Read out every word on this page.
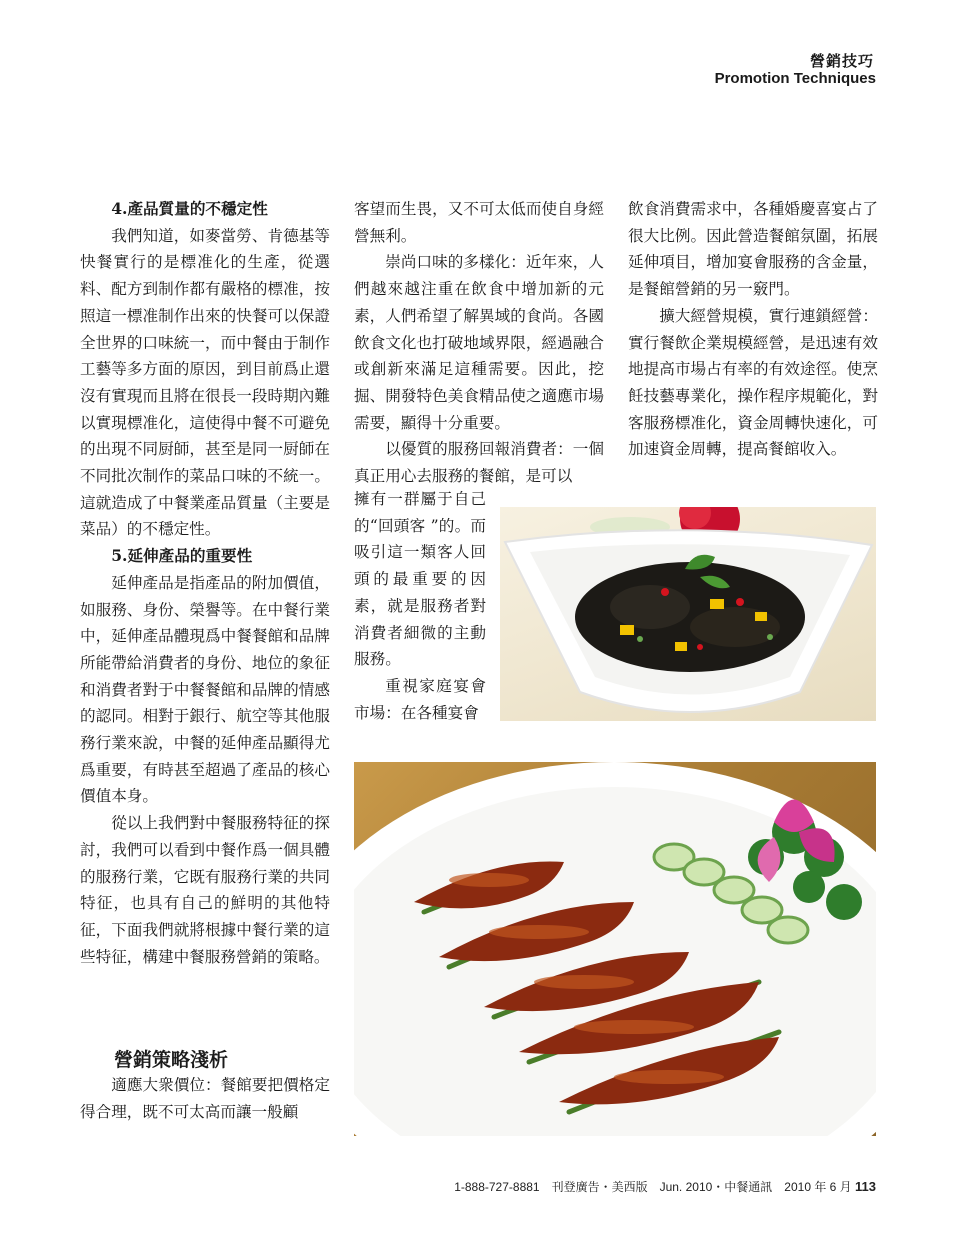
營銷技巧
Promotion Techniques

4.產品質量的不穩定性

我們知道，如麥當勞、肯德基等快餐實行的是標准化的生產，從選料、配方到制作都有嚴格的標准，按照這一標准制作出來的快餐可以保證全世界的口味統一，而中餐由于制作工藝等多方面的原因，到目前爲止還沒有實現而且將在很長一段時期內難以實現標准化，這使得中餐不可避免的出現不同厨師，甚至是同一厨師在不同批次制作的菜品口味的不統一。這就造成了中餐業產品質量（主要是菜品）的不穩定性。

5.延伸產品的重要性

延伸產品是指產品的附加價值，如服務、身份、榮譽等。在中餐行業中，延伸產品體現爲中餐餐館和品牌所能帶給消費者的身份、地位的象征和消費者對于中餐餐館和品牌的情感的認同。相對于銀行、航空等其他服務行業來說，中餐的延伸產品顯得尤爲重要，有時甚至超過了產品的核心價值本身。

從以上我們對中餐服務特征的探討，我們可以看到中餐作爲一個具體的服務行業，它既有服務行業的共同特征，也具有自己的鮮明的其他特征，下面我們就將根據中餐行業的這些特征，構建中餐服務營銷的策略。

營銷策略淺析

適應大衆價位：餐館要把價格定得合理，既不可太高而讓一般顧

客望而生畏，又不可太低而使自身經營無利。

崇尚口味的多樣化：近年來，人們越來越注重在飲食中增加新的元素，人們希望了解異域的食尚。各國飲食文化也打破地域界限，經過融合或創新來滿足這種需要。因此，挖掘、開發特色美食精品使之適應市場需要，顯得十分重要。

以優質的服務回報消費者：一個真正用心去服務的餐館，是可以

擁有一群屬于自己的“回頭客 ”的。而吸引這一類客人回頭的最重要的因素，就是服務者對消費者細微的主動服務。

重視家庭宴會市場：在各種宴會

飲食消費需求中，各種婚慶喜宴占了很大比例。因此營造餐館氛圍，拓展延伸項目，增加宴會服務的含金量，是餐館營銷的另一竅門。

擴大經營規模，實行連鎖經營：實行餐飲企業規模經營，是迅速有效地提高市場占有率的有效途徑。使烹飪技藝專業化，操作程序規範化，對客服務標准化，資金周轉快速化，可加速資金周轉，提高餐館收入。

1-888-727-8881　刊登廣告・美西版　Jun. 2010・中餐通訊　2010 年 6 月 113
